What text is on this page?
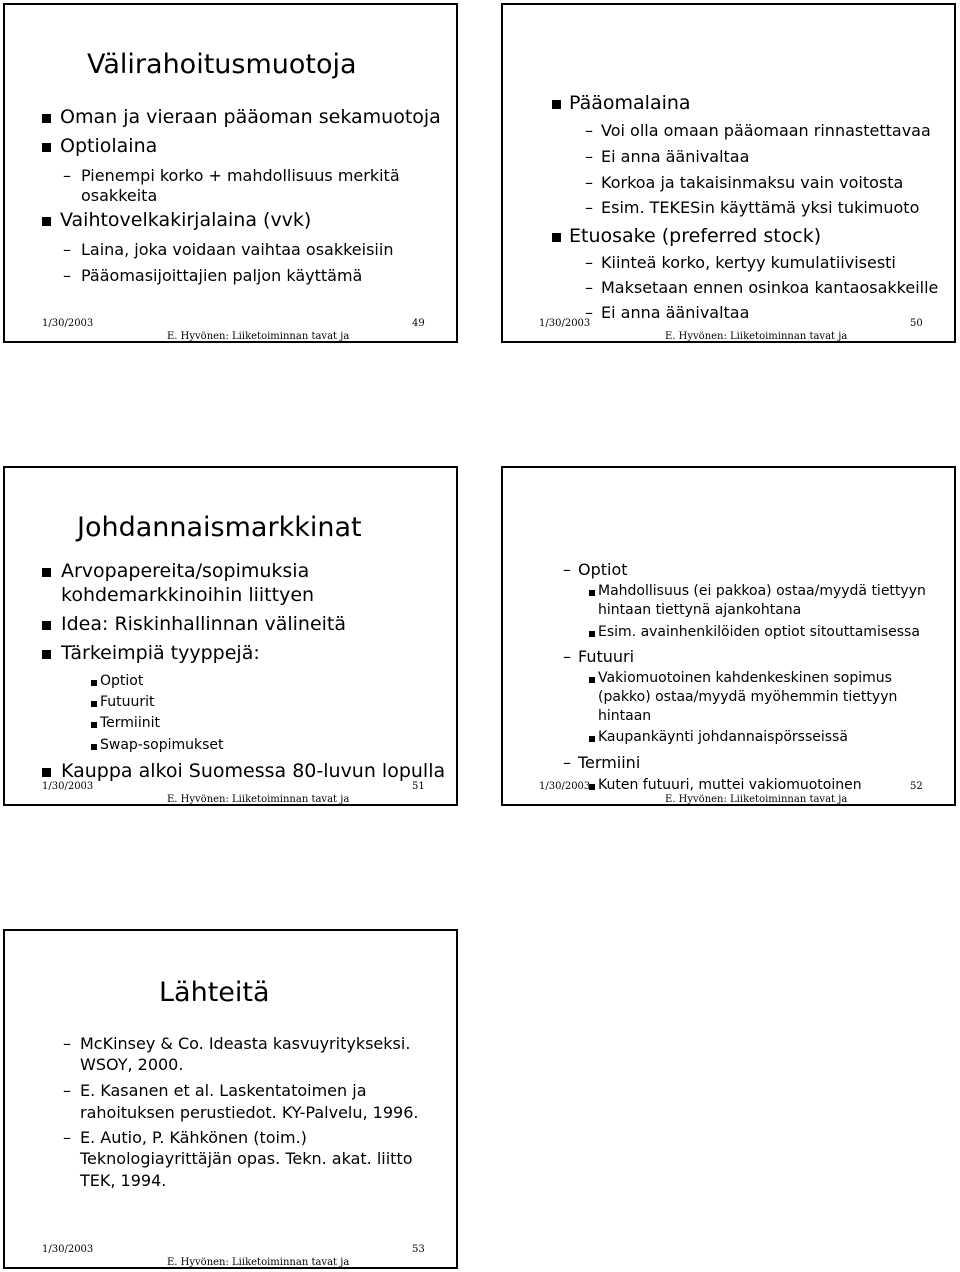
Välirahoitusmuotoja
Oman ja vieraan pääoman sekamuotoja
Optiolaina
– Pienempi korko + mahdollisuus merkitä
osakkeita
Vaihtovelkakirjalaina (vvk)
– Laina, joka voidaan vaihtaa osakkeisiin
– Pääomasijoittajien paljon käyttämä
1/30/2003	49
E. Hyvönen: Liiketoiminnan tavat ja
Pääomalaina
– Voi olla omaan pääomaan rinnastettavaa
– Ei anna äänivaltaa
– Korkoa ja takaisinmaksu vain voitosta
– Esim. TEKESin käyttämä yksi tukimuoto
Etuosake (preferred stock)
– Kiinteä korko, kertyy kumulatiivisesti
– Maksetaan ennen osinkoa kantaosakkeille
– Ei anna äänivaltaa
1/30/2003	50
E. Hyvönen: Liiketoiminnan tavat ja
Johdannaismarkkinat
Arvopapereita/sopimuksia
kohdemarkkinoihin liittyen
Idea: Riskinhallinnan välineitä
Tärkeimpiä tyyppejä:
Optiot
Futuurit
Termiinit
Swap-sopimukset
Kauppa alkoi Suomessa 80-luvun lopulla
1/30/2003	51
E. Hyvönen: Liiketoiminnan tavat ja
– Optiot
Mahdollisuus (ei pakkoa) ostaa/myydä tiettyyn
hintaan tiettynä ajankohtana
Esim. avainhenkilöiden optiot sitouttamisessa
– Futuuri
Vakiomuotoinen kahdenkeskinen sopimus
(pakko) ostaa/myydä myöhemmin tiettyyn
hintaan
Kaupankäynti johdannaispörsseissä
– Termiini
Kuten futuuri, muttei vakiomuotoinen
1/30/2003	52
E. Hyvönen: Liiketoiminnan tavat ja
Lähteitä
– McKinsey & Co. Ideasta kasvuyritykseksi.
WSOY, 2000.
– E. Kasanen et al. Laskentatoimen ja
rahoituksen perustiedot. KY-Palvelu, 1996.
– E. Autio, P. Kähkönen (toim.)
Teknologiayrittäjän opas. Tekn. akat. liitto
TEK, 1994.
1/30/2003	53
E. Hyvönen: Liiketoiminnan tavat ja
